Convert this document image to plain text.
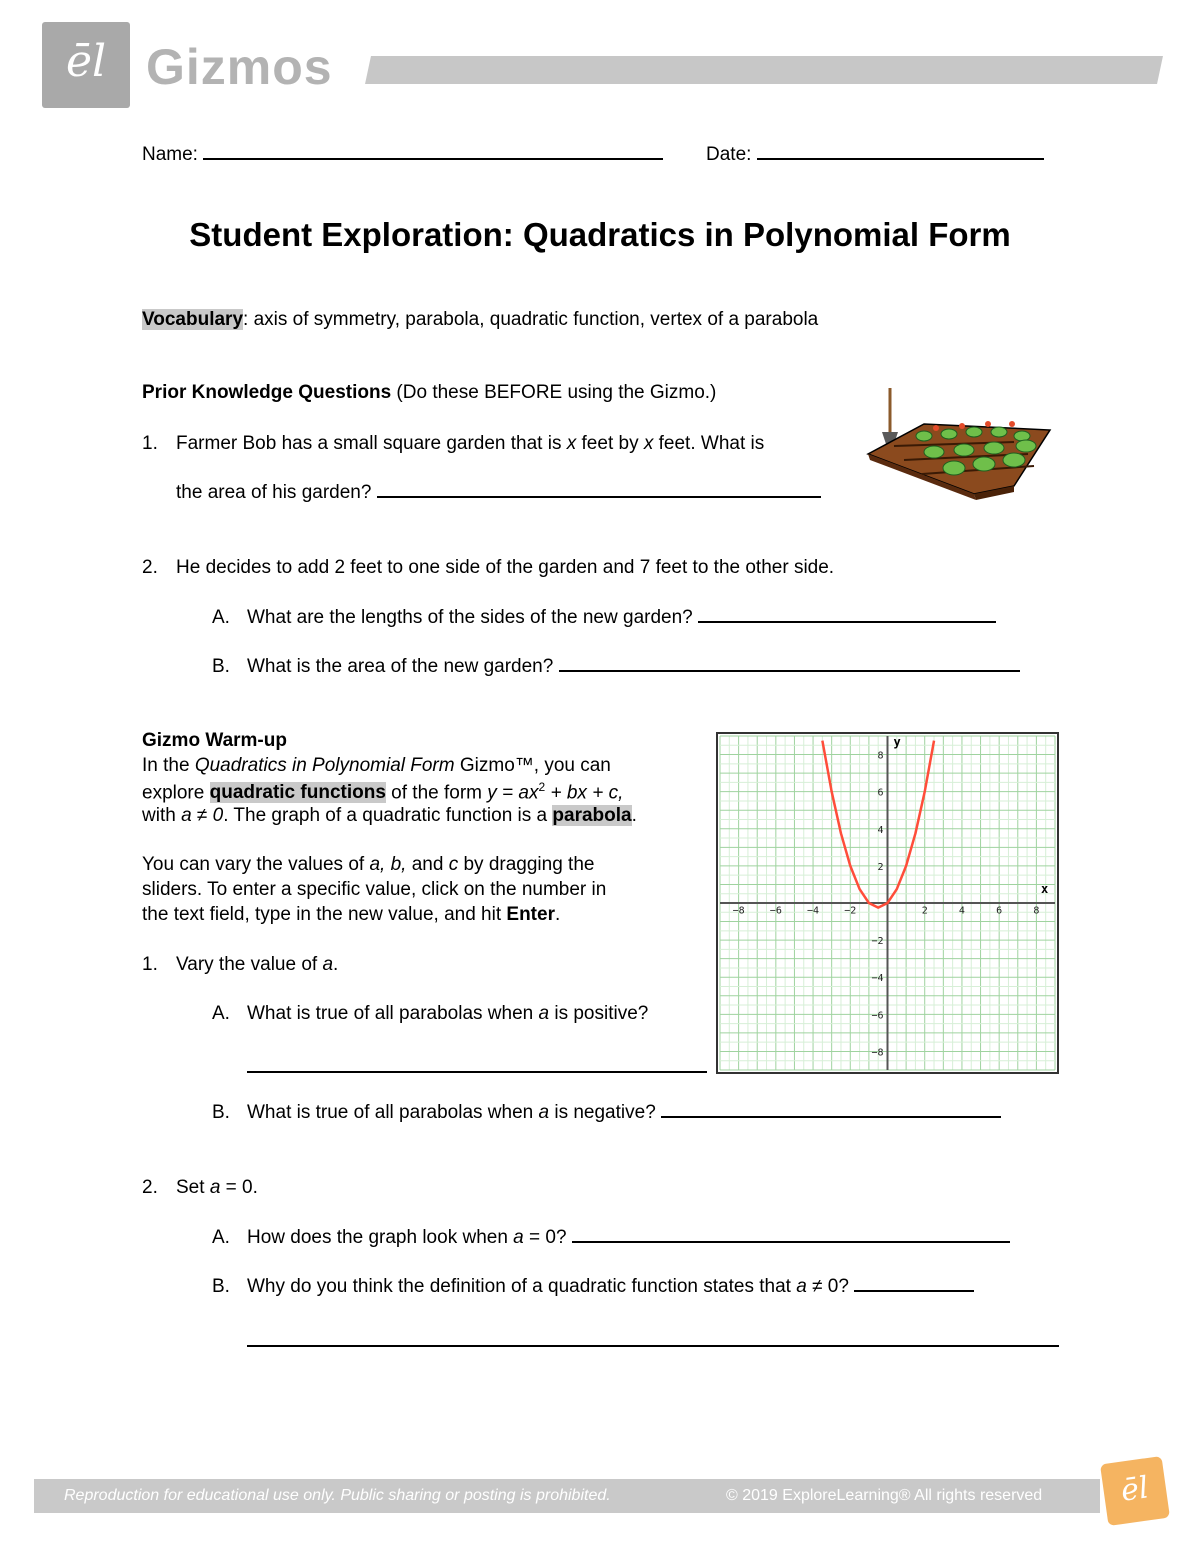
ēl Gizmos
Name:	Date:
Student Exploration: Quadratics in Polynomial Form
Vocabulary: axis of symmetry, parabola, quadratic function, vertex of a parabola
Prior Knowledge Questions (Do these BEFORE using the Gizmo.)
1. Farmer Bob has a small square garden that is x feet by x feet. What is
the area of his garden?
2. He decides to add 2 feet to one side of the garden and 7 feet to the other side.
A. What are the lengths of the sides of the new garden?
B. What is the area of the new garden?
Gizmo Warm-up
In the Quadratics in Polynomial Form Gizmo™, you can
explore quadratic functions of the form $y = ax^2$ + bx + c,
with a ≠ 0. The graph of a quadratic function is a parabola.
You can vary the values of a, b, and c by dragging the
sliders. To enter a specific value, click on the number in
the text field, type in the new value, and hit Enter.
1. Vary the value of a.
A. What is true of all parabolas when a is positive?
B. What is true of all parabolas when a is negative?
2. Set a = 0.
A. How does the graph look when a = 0?
B. Why do you think the definition of a quadratic function states that a ≠ 0?
x
y
−8	−6	−4	−2	2	4	6	8
8
6
4
2
−2
−4
−6
−8
Reproduction for educational use only. Public sharing or posting is prohibited.	© 2019 ExploreLearning® All rights reserved	ēl
